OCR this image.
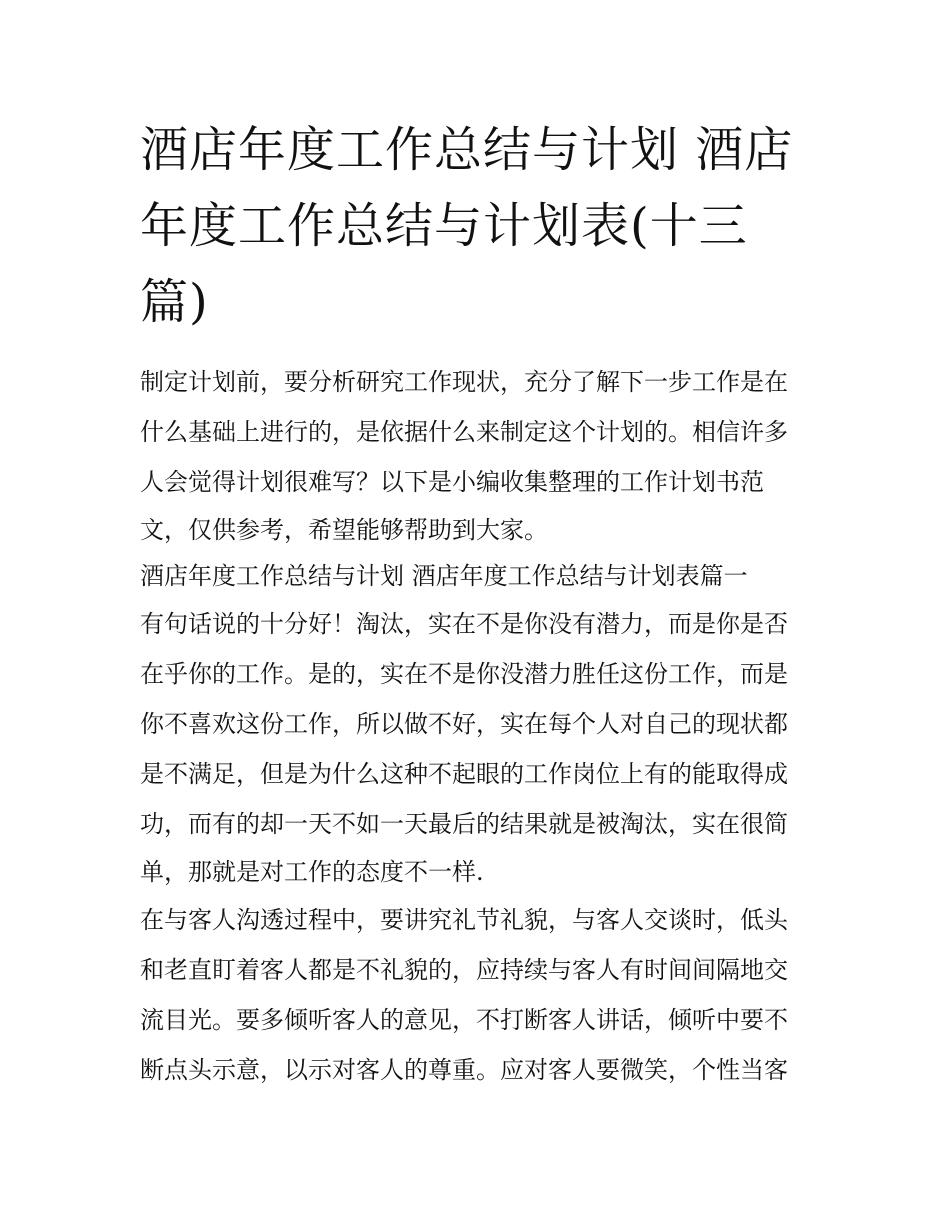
酒店年度工作总结与计划 酒店
年度工作总结与计划表(十三
篇)
制定计划前，要分析研究工作现状，充分了解下一步工作是在
什么基础上进行的，是依据什么来制定这个计划的。相信许多
人会觉得计划很难写？以下是小编收集整理的工作计划书范
文，仅供参考，希望能够帮助到大家。
酒店年度工作总结与计划 酒店年度工作总结与计划表篇一
有句话说的十分好！淘汰，实在不是你没有潜力，而是你是否
在乎你的工作。是的，实在不是你没潜力胜任这份工作，而是
你不喜欢这份工作，所以做不好，实在每个人对自己的现状都
是不满足，但是为什么这种不起眼的工作岗位上有的能取得成
功，而有的却一天不如一天最后的结果就是被淘汰，实在很简
单，那就是对工作的态度不一样.
在与客人沟透过程中，要讲究礼节礼貌，与客人交谈时，低头
和老直盯着客人都是不礼貌的，应持续与客人有时间间隔地交
流目光。要多倾听客人的意见，不打断客人讲话，倾听中要不
断点头示意，以示对客人的尊重。应对客人要微笑，个性当客
